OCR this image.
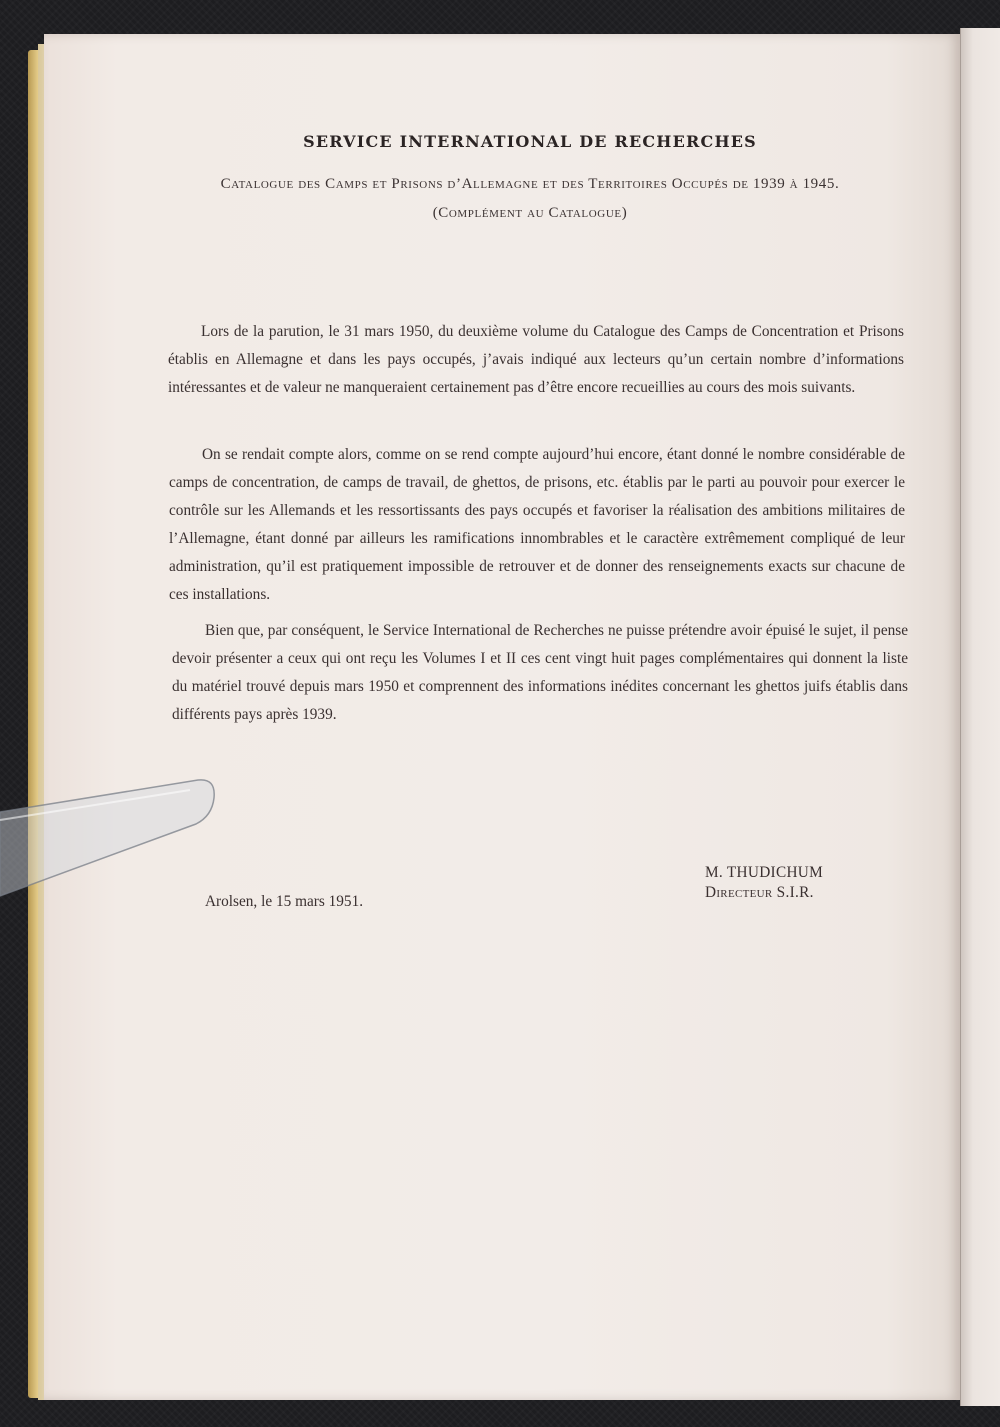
SERVICE INTERNATIONAL DE RECHERCHES

Catalogue des Camps et Prisons d’Allemagne et des Territoires Occupés de 1939 à 1945.

(Complément au Catalogue)

Lors de la parution, le 31 mars 1950, du deuxième volume du Catalogue des Camps de Concentration et Prisons établis en Allemagne et dans les pays occupés, j’avais indiqué aux lecteurs qu’un certain nombre d’informations intéressantes et de valeur ne manqueraient certainement pas d’être encore recueillies au cours des mois suivants.

On se rendait compte alors, comme on se rend compte aujourd’hui encore, étant donné le nombre considérable de camps de concentration, de camps de travail, de ghettos, de prisons, etc. établis par le parti au pouvoir pour exercer le contrôle sur les Allemands et les ressortissants des pays occupés et favoriser la réalisation des ambitions militaires de l’Allemagne, étant donné par ailleurs les ramifications innombrables et le caractère extrêmement compliqué de leur administration, qu’il est pratiquement impossible de retrouver et de donner des renseignements exacts sur chacune de ces installations.

Bien que, par conséquent, le Service International de Recherches ne puisse prétendre avoir épuisé le sujet, il pense devoir présenter a ceux qui ont reçu les Volumes I et II ces cent vingt huit pages complémentaires qui donnent la liste du matériel trouvé depuis mars 1950 et comprennent des informations inédites concernant les ghettos juifs établis dans différents pays après 1939.

Arolsen, le 15 mars 1951.

M. THUDICHUM

Directeur S.I.R.
